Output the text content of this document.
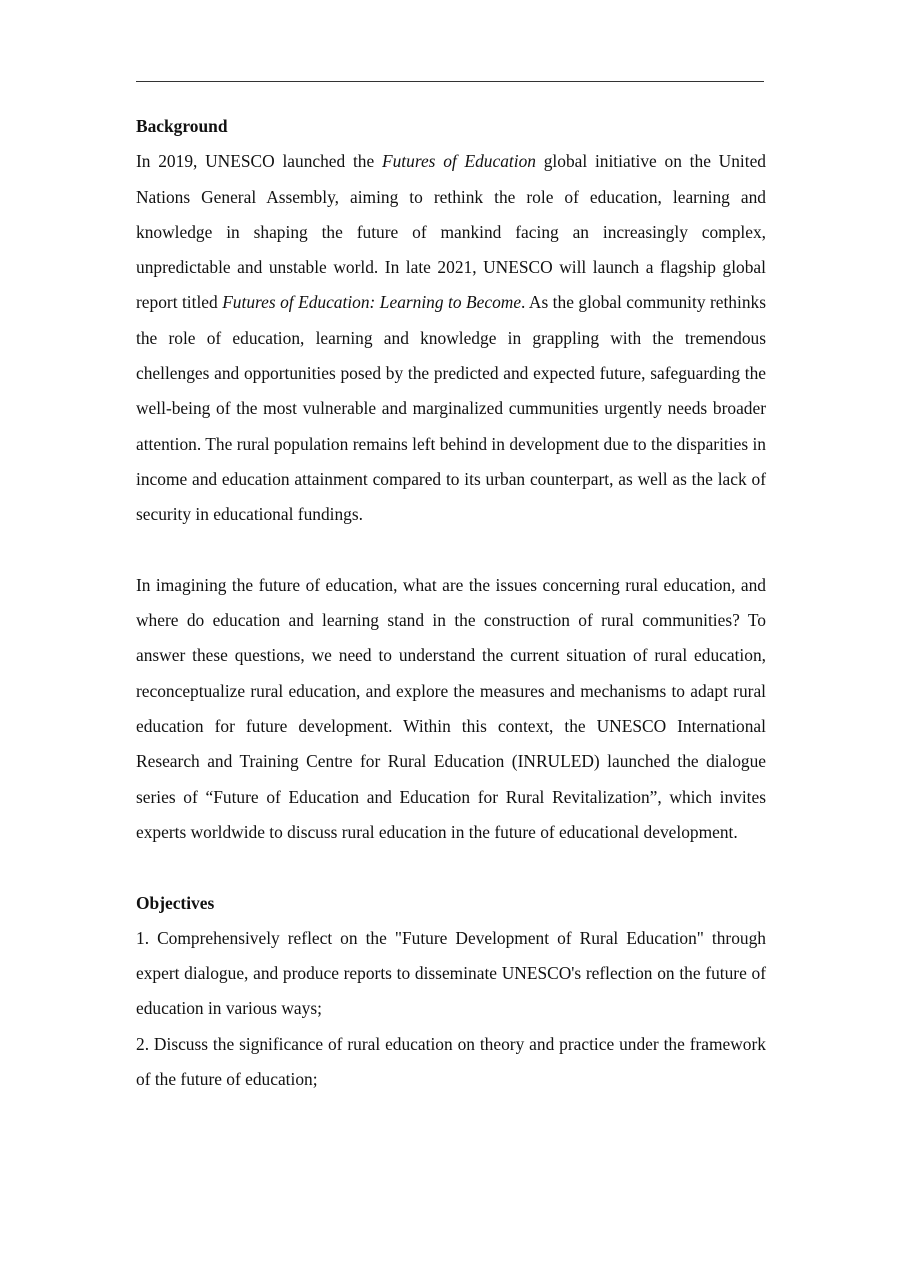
Background

In 2019, UNESCO launched the Futures of Education global initiative on the United Nations General Assembly, aiming to rethink the role of education, learning and knowledge in shaping the future of mankind facing an increasingly complex, unpredictable and unstable world. In late 2021, UNESCO will launch a flagship global report titled Futures of Education: Learning to Become. As the global community rethinks the role of education, learning and knowledge in grappling with the tremendous chellenges and opportunities posed by the predicted and expected future, safeguarding the well-being of the most vulnerable and marginalized cummunities urgently needs broader attention. The rural population remains left behind in development due to the disparities in income and education attainment compared to its urban counterpart, as well as the lack of security in educational fundings.

In imagining the future of education, what are the issues concerning rural education, and where do education and learning stand in the construction of rural communities? To answer these questions, we need to understand the current situation of rural education, reconceptualize rural education, and explore the measures and mechanisms to adapt rural education for future development. Within this context, the UNESCO International Research and Training Centre for Rural Education (INRULED) launched the dialogue series of “Future of Education and Education for Rural Revitalization”, which invites experts worldwide to discuss rural education in the future of educational development.

Objectives

1. Comprehensively reflect on the "Future Development of Rural Education" through expert dialogue, and produce reports to disseminate UNESCO's reflection on the future of education in various ways;

2. Discuss the significance of rural education on theory and practice under the framework of the future of education;
